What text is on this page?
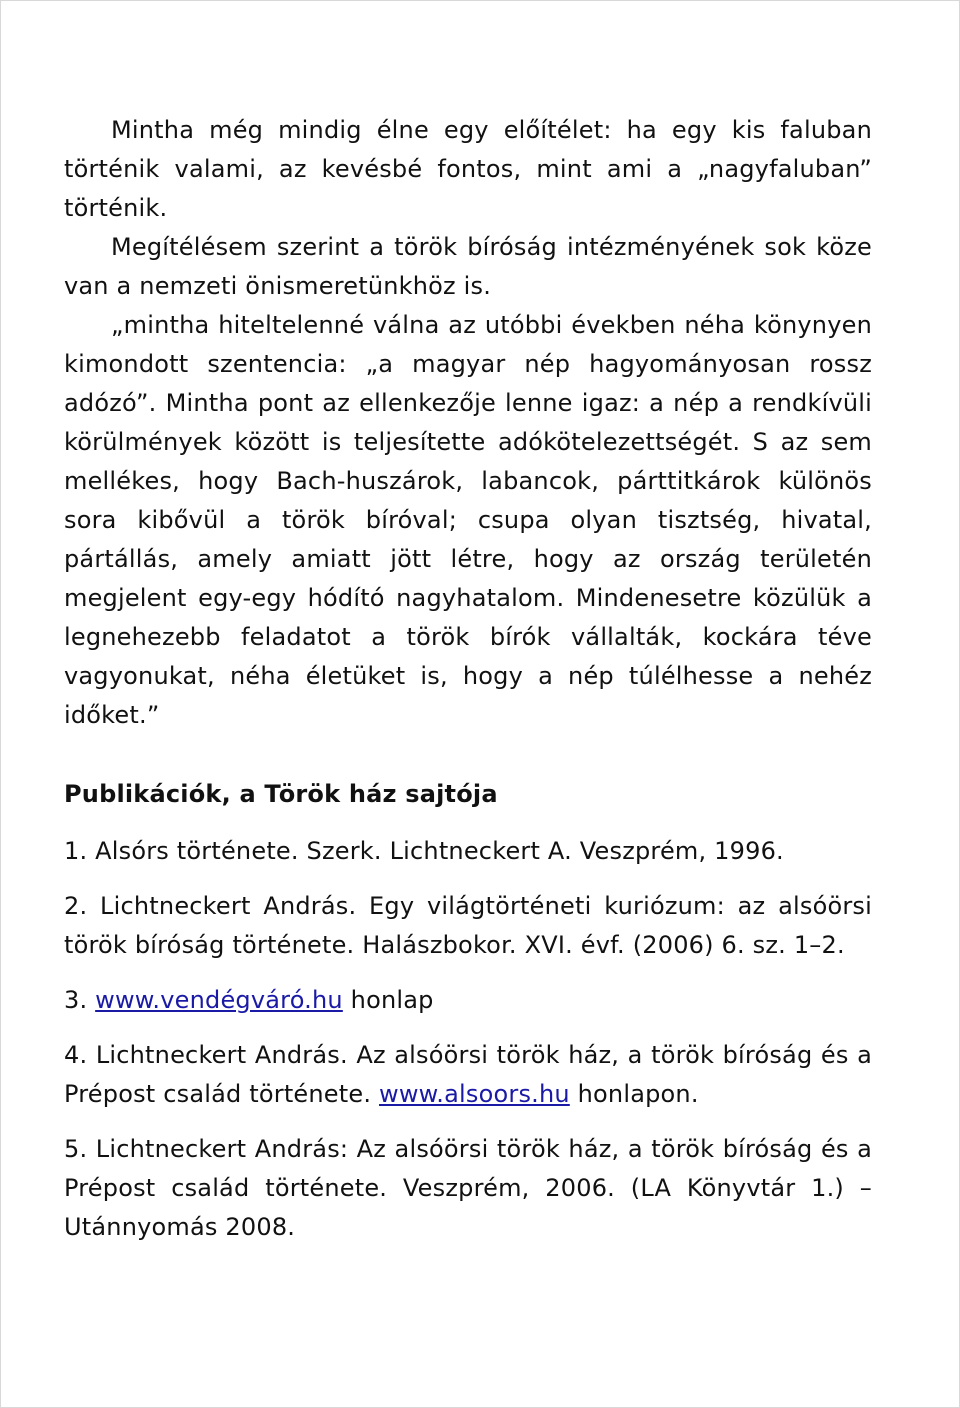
Mintha még mindig élne egy előítélet: ha egy kis faluban történik valami, az kevésbé fontos, mint ami a „nagyfaluban” történik.

Megítélésem szerint a török bíróság intézményének sok köze van a nemzeti önismeretünkhöz is.

„mintha hiteltelenné válna az utóbbi években néha könynyen kimondott szentencia: „a magyar nép hagyományosan rossz adózó”. Mintha pont az ellenkezője lenne igaz: a nép a rendkívüli körülmények között is teljesítette adókötelezettségét. S az sem mellékes, hogy Bach-huszárok, labancok, párttitkárok különös sora kibővül a török bíróval; csupa olyan tisztség, hivatal, pártállás, amely amiatt jött létre, hogy az ország területén megjelent egy-egy hódító nagyhatalom. Mindenesetre közülük a legnehezebb feladatot a török bírók vállalták, kockára téve vagyonukat, néha életüket is, hogy a nép túlélhesse a nehéz időket.”

Publikációk, a Török ház sajtója

1. Alsórs története. Szerk. Lichtneckert A. Veszprém, 1996.

2. Lichtneckert András. Egy világtörténeti kuriózum: az alsóörsi török bíróság története. Halászbokor. XVI. évf. (2006) 6. sz. 1–2.

3. www.vendégváró.hu honlap

4. Lichtneckert András. Az alsóörsi török ház, a török bíróság és a Prépost család története. www.alsoors.hu honlapon.

5. Lichtneckert András: Az alsóörsi török ház, a török bíróság és a Prépost család története. Veszprém, 2006. (LA Könyvtár 1.) – Utánnyomás 2008.
